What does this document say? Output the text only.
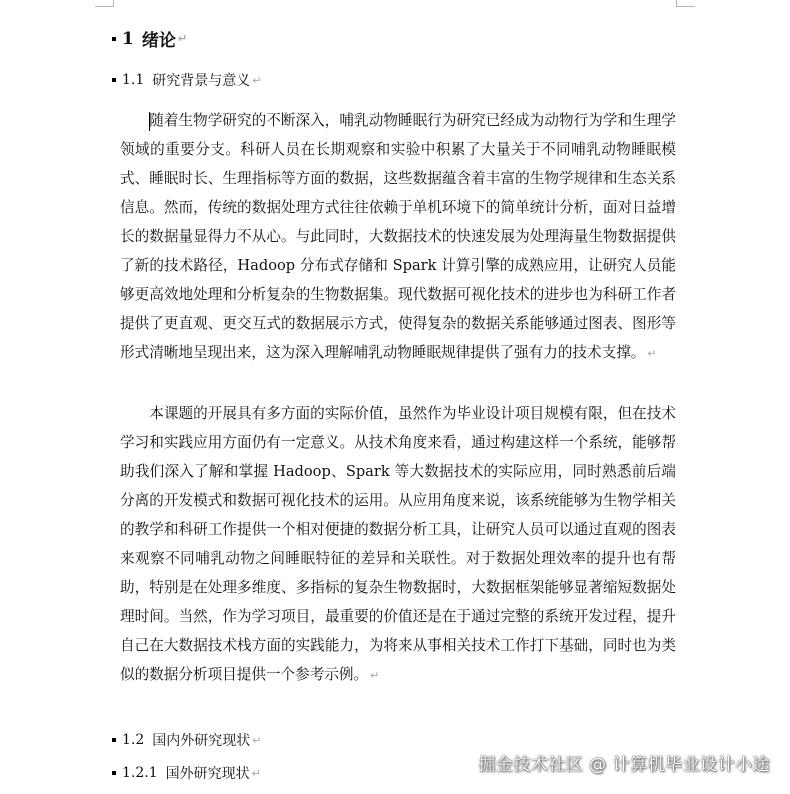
1 绪论 ↵
1.1 研究背景与意义 ↵

随着生物学研究的不断深入，哺乳动物睡眠行为研究已经成为动物行为学和生理学领域的重要分支。科研人员在长期观察和实验中积累了大量关于不同哺乳动物睡眠模式、睡眠时长、生理指标等方面的数据，这些数据蕴含着丰富的生物学规律和生态关系信息。然而，传统的数据处理方式往往依赖于单机环境下的简单统计分析，面对日益增长的数据量显得力不从心。与此同时，大数据技术的快速发展为处理海量生物数据提供了新的技术路径，Hadoop 分布式存储和 Spark 计算引擎的成熟应用，让研究人员能够更高效地处理和分析复杂的生物数据集。现代数据可视化技术的进步也为科研工作者提供了更直观、更交互式的数据展示方式，使得复杂的数据关系能够通过图表、图形等形式清晰地呈现出来，这为深入理解哺乳动物睡眠规律提供了强有力的技术支撑。 ↵

本课题的开展具有多方面的实际价值，虽然作为毕业设计项目规模有限，但在技术学习和实践应用方面仍有一定意义。从技术角度来看，通过构建这样一个系统，能够帮助我们深入了解和掌握 Hadoop、Spark 等大数据技术的实际应用，同时熟悉前后端分离的开发模式和数据可视化技术的运用。从应用角度来说，该系统能够为生物学相关的教学和科研工作提供一个相对便捷的数据分析工具，让研究人员可以通过直观的图表来观察不同哺乳动物之间睡眠特征的差异和关联性。对于数据处理效率的提升也有帮助，特别是在处理多维度、多指标的复杂生物数据时，大数据框架能够显著缩短数据处理时间。当然，作为学习项目，最重要的价值还是在于通过完整的系统开发过程，提升自己在大数据技术栈方面的实践能力，为将来从事相关技术工作打下基础，同时也为类似的数据分析项目提供一个参考示例。 ↵

1.2 国内外研究现状 ↵
1.2.1 国外研究现状 ↵	掘金技术社区 @ 计算机毕业设计小途
